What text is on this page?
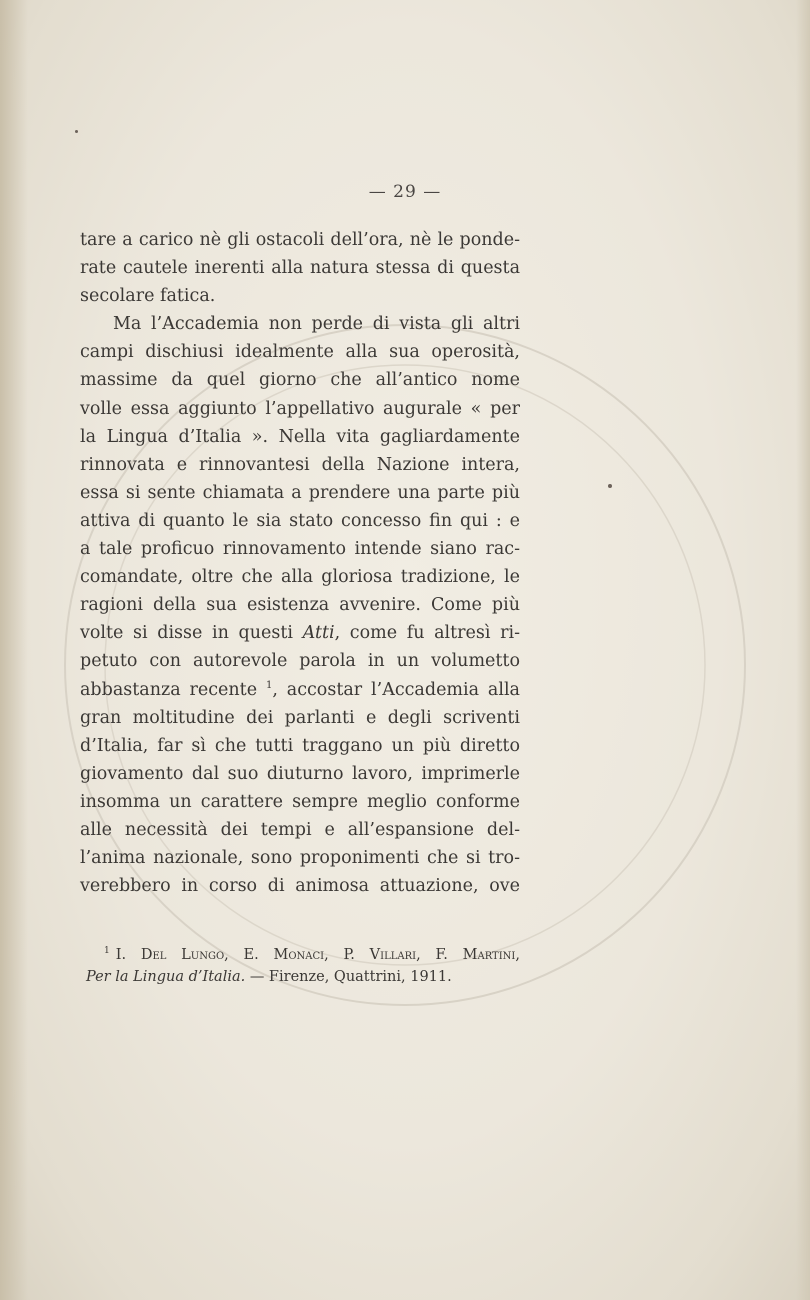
— 29 —
tare a carico nè gli ostacoli dell’ora, nè le ponde-
rate cautele inerenti alla natura stessa di questa
secolare fatica.
Ma l’Accademia non perde di vista gli altri
campi dischiusi idealmente alla sua operosità,
massime da quel giorno che all’antico nome
volle essa aggiunto l’appellativo augurale « per
la Lingua d’Italia ». Nella vita gagliardamente
rinnovata e rinnovantesi della Nazione intera,
essa si sente chiamata a prendere una parte più
attiva di quanto le sia stato concesso fin qui : e
a tale proficuo rinnovamento intende siano rac-
comandate, oltre che alla gloriosa tradizione, le
ragioni della sua esistenza avvenire. Come più
volte si disse in questi Atti, come fu altresì ri-
petuto con autorevole parola in un volumetto
abbastanza recente $^1$, accostar l’Accademia alla
gran moltitudine dei parlanti e degli scriventi
d’Italia, far sì che tutti traggano un più diretto
giovamento dal suo diuturno lavoro, imprimerle
insomma un carattere sempre meglio conforme
alle necessità dei tempi e all’espansione del-
l’anima nazionale, sono proponimenti che si tro-
verebbero in corso di animosa attuazione, ove
$^1$ I. Del Lungo, E. Monaci, P. Villari, F. Martini,
Per la Lingua d’Italia. — Firenze, Quattrini, 1911.
